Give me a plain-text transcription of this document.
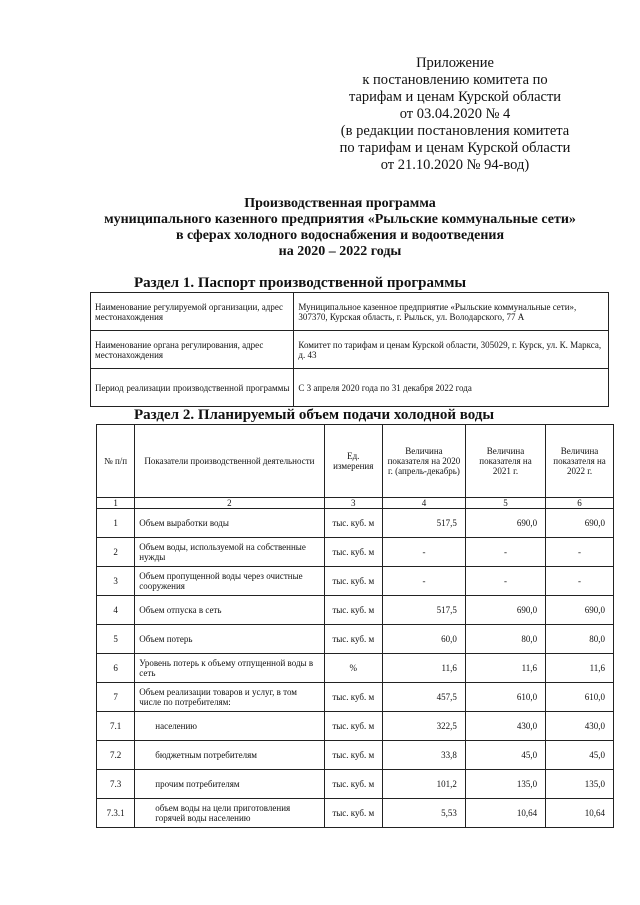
Приложение
к постановлению комитета по
тарифам и ценам Курской области
от 03.04.2020 № 4
(в редакции постановления комитета
по тарифам и ценам Курской области
от 21.10.2020 № 94-вод)
Производственная программа
муниципального казенного предприятия «Рыльские коммунальные сети»
в сферах холодного водоснабжения и водоотведения
на 2020 – 2022 годы
Раздел 1. Паспорт производственной программы
Наименование регулируемой организации, адрес местонахождения	Муниципальное казенное предприятие «Рыльские коммунальные сети», 307370, Курская область, г. Рыльск, ул. Володарского, 77 А
Наименование органа регулирования, адрес местонахождения	Комитет по тарифам и ценам Курской области, 305029, г. Курск, ул. К. Маркса, д. 43
Период реализации производственной программы	С 3 апреля 2020 года по 31 декабря 2022 года
Раздел 2. Планируемый объем подачи холодной воды
№ п/п	Показатели производственной деятельности	Ед. измерения	Величина показателя на 2020 г. (апрель-декабрь)	Величина показателя на 2021 г.	Величина показателя на 2022 г.
1	2	3	4	5	6
1	Объем выработки воды	тыс. куб. м	517,5	690,0	690,0
2	Объем воды, используемой на собственные нужды	тыс. куб. м	-	-	-
3	Объем пропущенной воды через очистные сооружения	тыс. куб. м	-	-	-
4	Объем отпуска в сеть	тыс. куб. м	517,5	690,0	690,0
5	Объем потерь	тыс. куб. м	60,0	80,0	80,0
6	Уровень потерь к объему отпущенной воды в сеть	%	11,6	11,6	11,6
7	Объем реализации товаров и услуг, в том числе по потребителям:	тыс. куб. м	457,5	610,0	610,0
7.1	населению	тыс. куб. м	322,5	430,0	430,0
7.2	бюджетным потребителям	тыс. куб. м	33,8	45,0	45,0
7.3	прочим потребителям	тыс. куб. м	101,2	135,0	135,0
7.3.1	объем воды на цели приготовления горячей воды населению	тыс. куб. м	5,53	10,64	10,64
